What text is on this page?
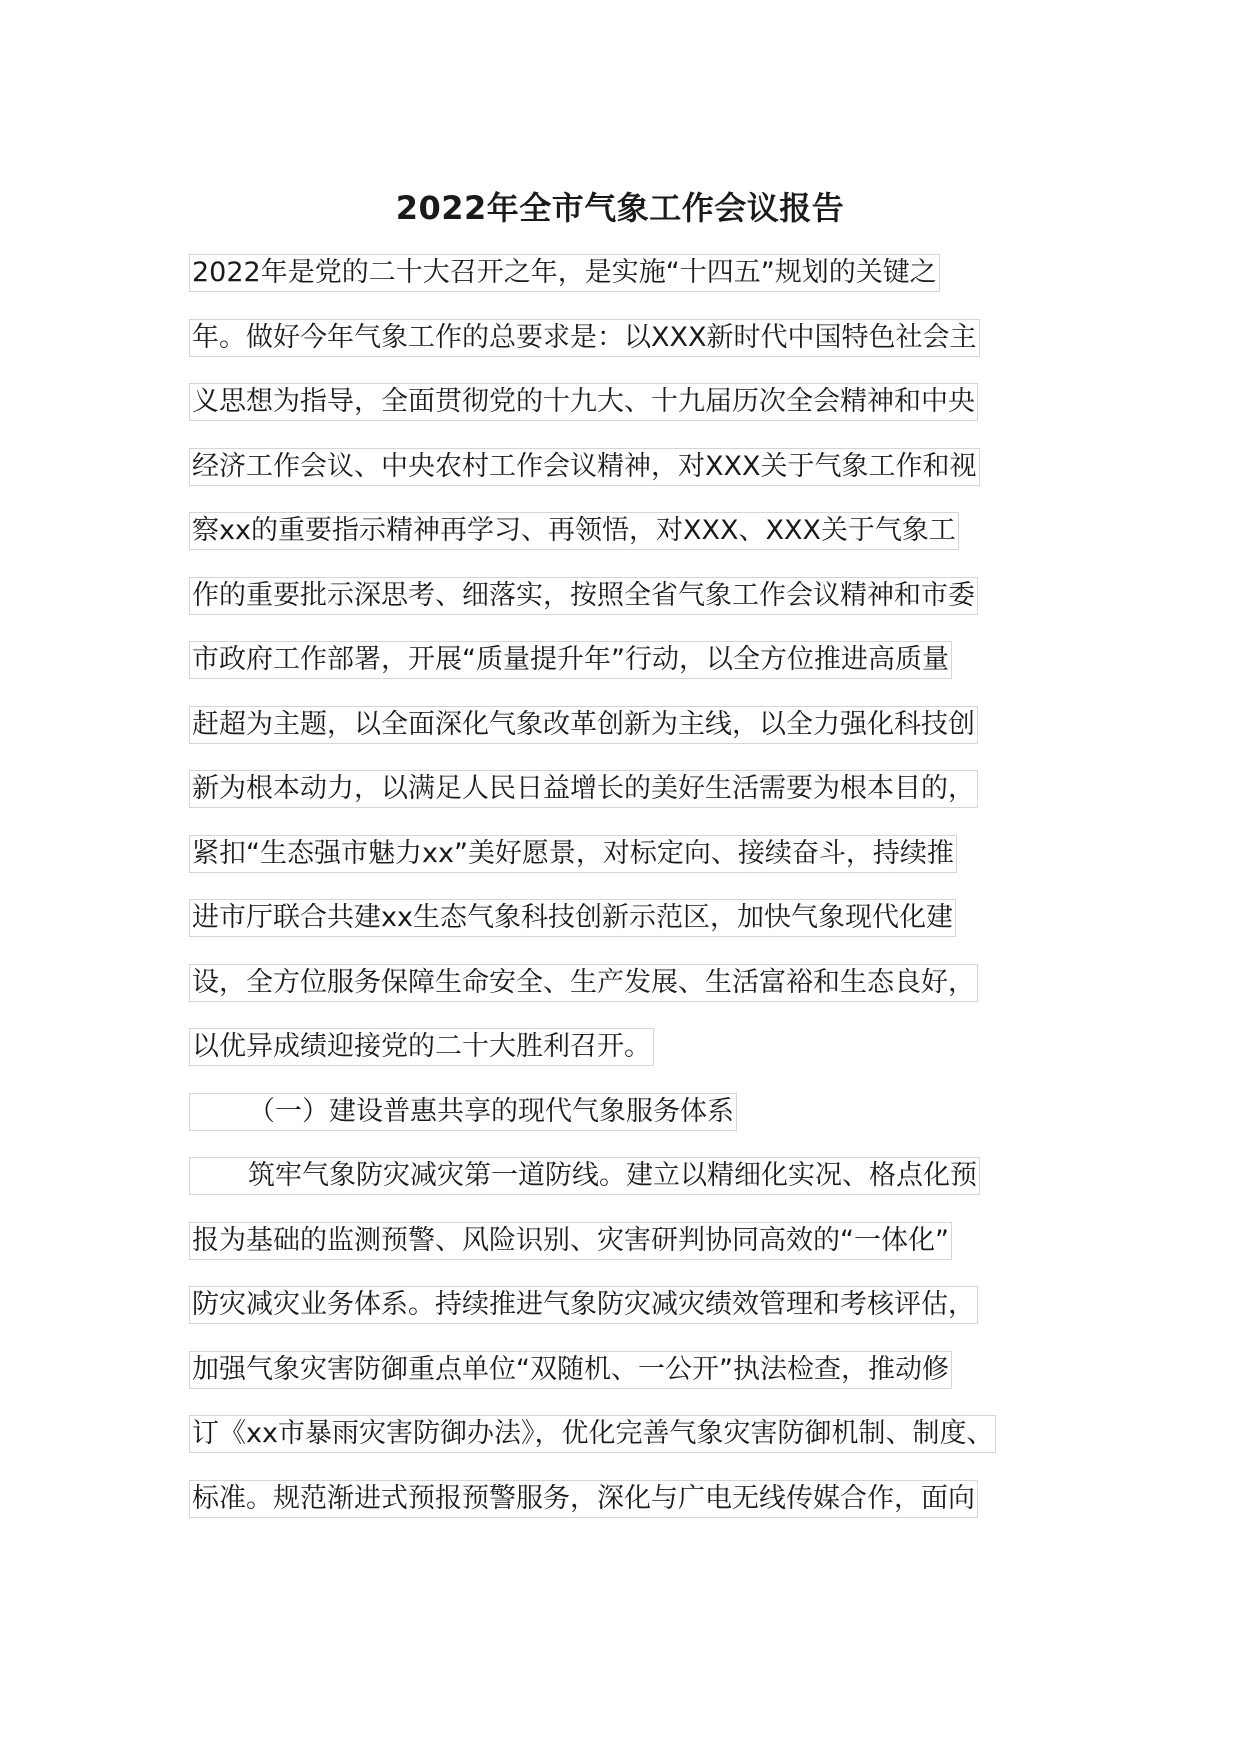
2022年全市气象工作会议报告
2022年是党的二十大召开之年，是实施“十四五”规划的关键之
年。做好今年气象工作的总要求是：以XXX新时代中国特色社会主
义思想为指导，全面贯彻党的十九大、十九届历次全会精神和中央
经济工作会议、中央农村工作会议精神，对XXX关于气象工作和视
察xx的重要指示精神再学习、再领悟，对XXX、XXX关于气象工
作的重要批示深思考、细落实，按照全省气象工作会议精神和市委
市政府工作部署，开展“质量提升年”行动，以全方位推进高质量
赶超为主题，以全面深化气象改革创新为主线，以全力强化科技创
新为根本动力，以满足人民日益增长的美好生活需要为根本目的，
紧扣“生态强市魅力xx”美好愿景，对标定向、接续奋斗，持续推
进市厅联合共建xx生态气象科技创新示范区，加快气象现代化建
设，全方位服务保障生命安全、生产发展、生活富裕和生态良好，
以优异成绩迎接党的二十大胜利召开。
（一）建设普惠共享的现代气象服务体系
筑牢气象防灾减灾第一道防线。建立以精细化实况、格点化预
报为基础的监测预警、风险识别、灾害研判协同高效的“一体化”
防灾减灾业务体系。持续推进气象防灾减灾绩效管理和考核评估，
加强气象灾害防御重点单位“双随机、一公开”执法检查，推动修
订《xx市暴雨灾害防御办法》，优化完善气象灾害防御机制、制度、
标准。规范渐进式预报预警服务，深化与广电无线传媒合作，面向
